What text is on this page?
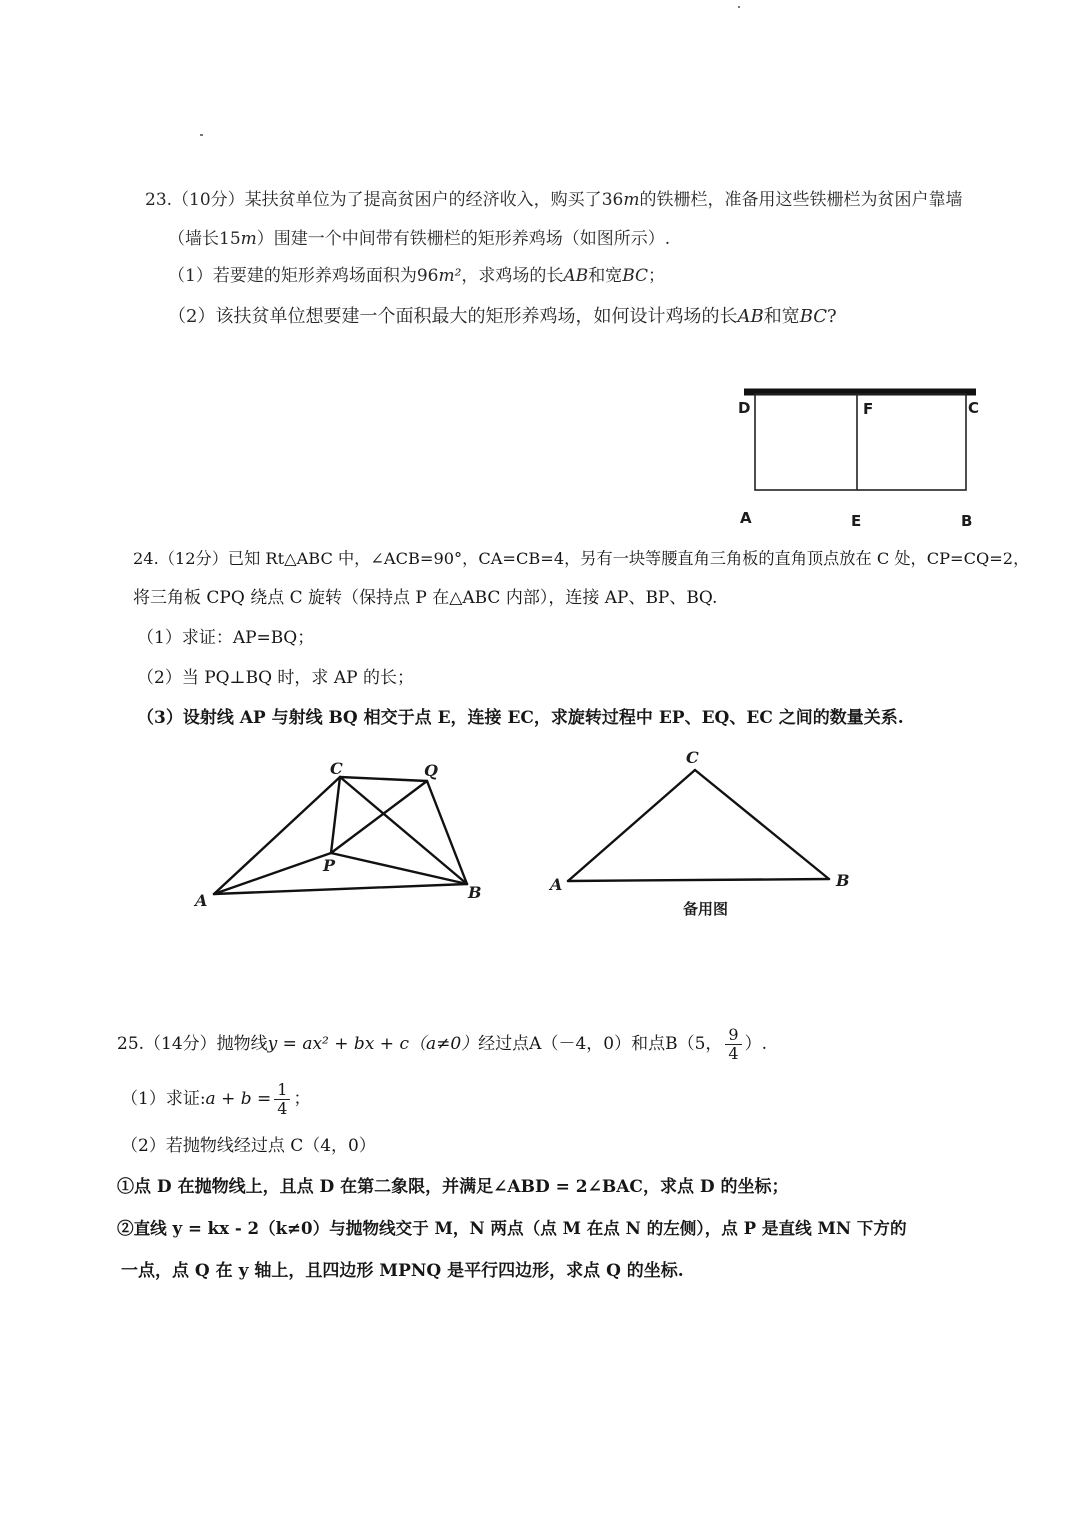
23.（10分）某扶贫单位为了提高贫困户的经济收入，购买了36m的铁栅栏，准备用这些铁栅栏为贫困户靠墙
（墙长15m）围建一个中间带有铁栅栏的矩形养鸡场（如图所示）.
（1）若要建的矩形养鸡场面积为96m²，求鸡场的长AB和宽BC；
（2）该扶贫单位想要建一个面积最大的矩形养鸡场，如何设计鸡场的长AB和宽BC?
D	F	C
A	E	B
24.（12分）已知 Rt△ABC 中，∠ACB=90°，CA=CB=4，另有一块等腰直角三角板的直角顶点放在 C 处，CP=CQ=2，
将三角板 CPQ 绕点 C 旋转（保持点 P 在△ABC 内部），连接 AP、BP、BQ.
（1）求证：AP=BQ；
（2）当 PQ⊥BQ 时，求 AP 的长；
（3）设射线 AP 与射线 BQ 相交于点 E，连接 EC，求旋转过程中 EP、EQ、EC 之间的数量关系.
C	Q
P
A	B
C
A	B
备用图
25.（14分）抛物线y = ax² + bx + c（a≠0）经过点A（－4，0）和点B（5， $\frac{9}{4}$ ）.
（1）求证:a + $b = \frac{1}{4}$ ；
（2）若抛物线经过点 C（4，0）
①点 D 在抛物线上，且点 D 在第二象限，并满足∠ABD = 2∠BAC，求点 D 的坐标；
②直线 y = kx - 2（k≠0）与抛物线交于 M，N 两点（点 M 在点 N 的左侧），点 P 是直线 MN 下方的
一点，点 Q 在 y 轴上，且四边形 MPNQ 是平行四边形，求点 Q 的坐标.
